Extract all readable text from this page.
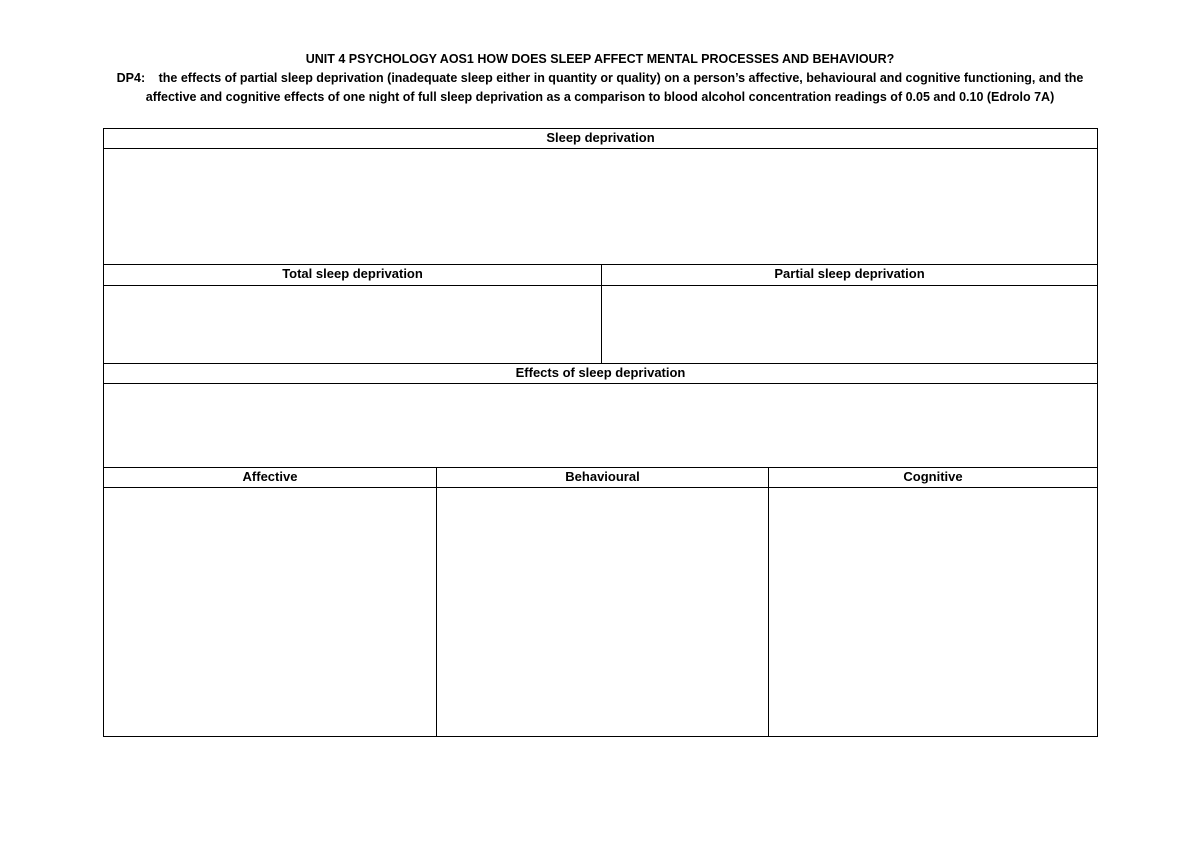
UNIT 4 PSYCHOLOGY AOS1 HOW DOES SLEEP AFFECT MENTAL PROCESSES AND BEHAVIOUR?
DP4: the effects of partial sleep deprivation (inadequate sleep either in quantity or quality) on a person’s affective, behavioural and cognitive functioning, and the affective and cognitive effects of one night of full sleep deprivation as a comparison to blood alcohol concentration readings of 0.05 and 0.10 (Edrolo 7A)
Sleep deprivation
Total sleep deprivation	Partial sleep deprivation
Effects of sleep deprivation
Affective	Behavioural	Cognitive
